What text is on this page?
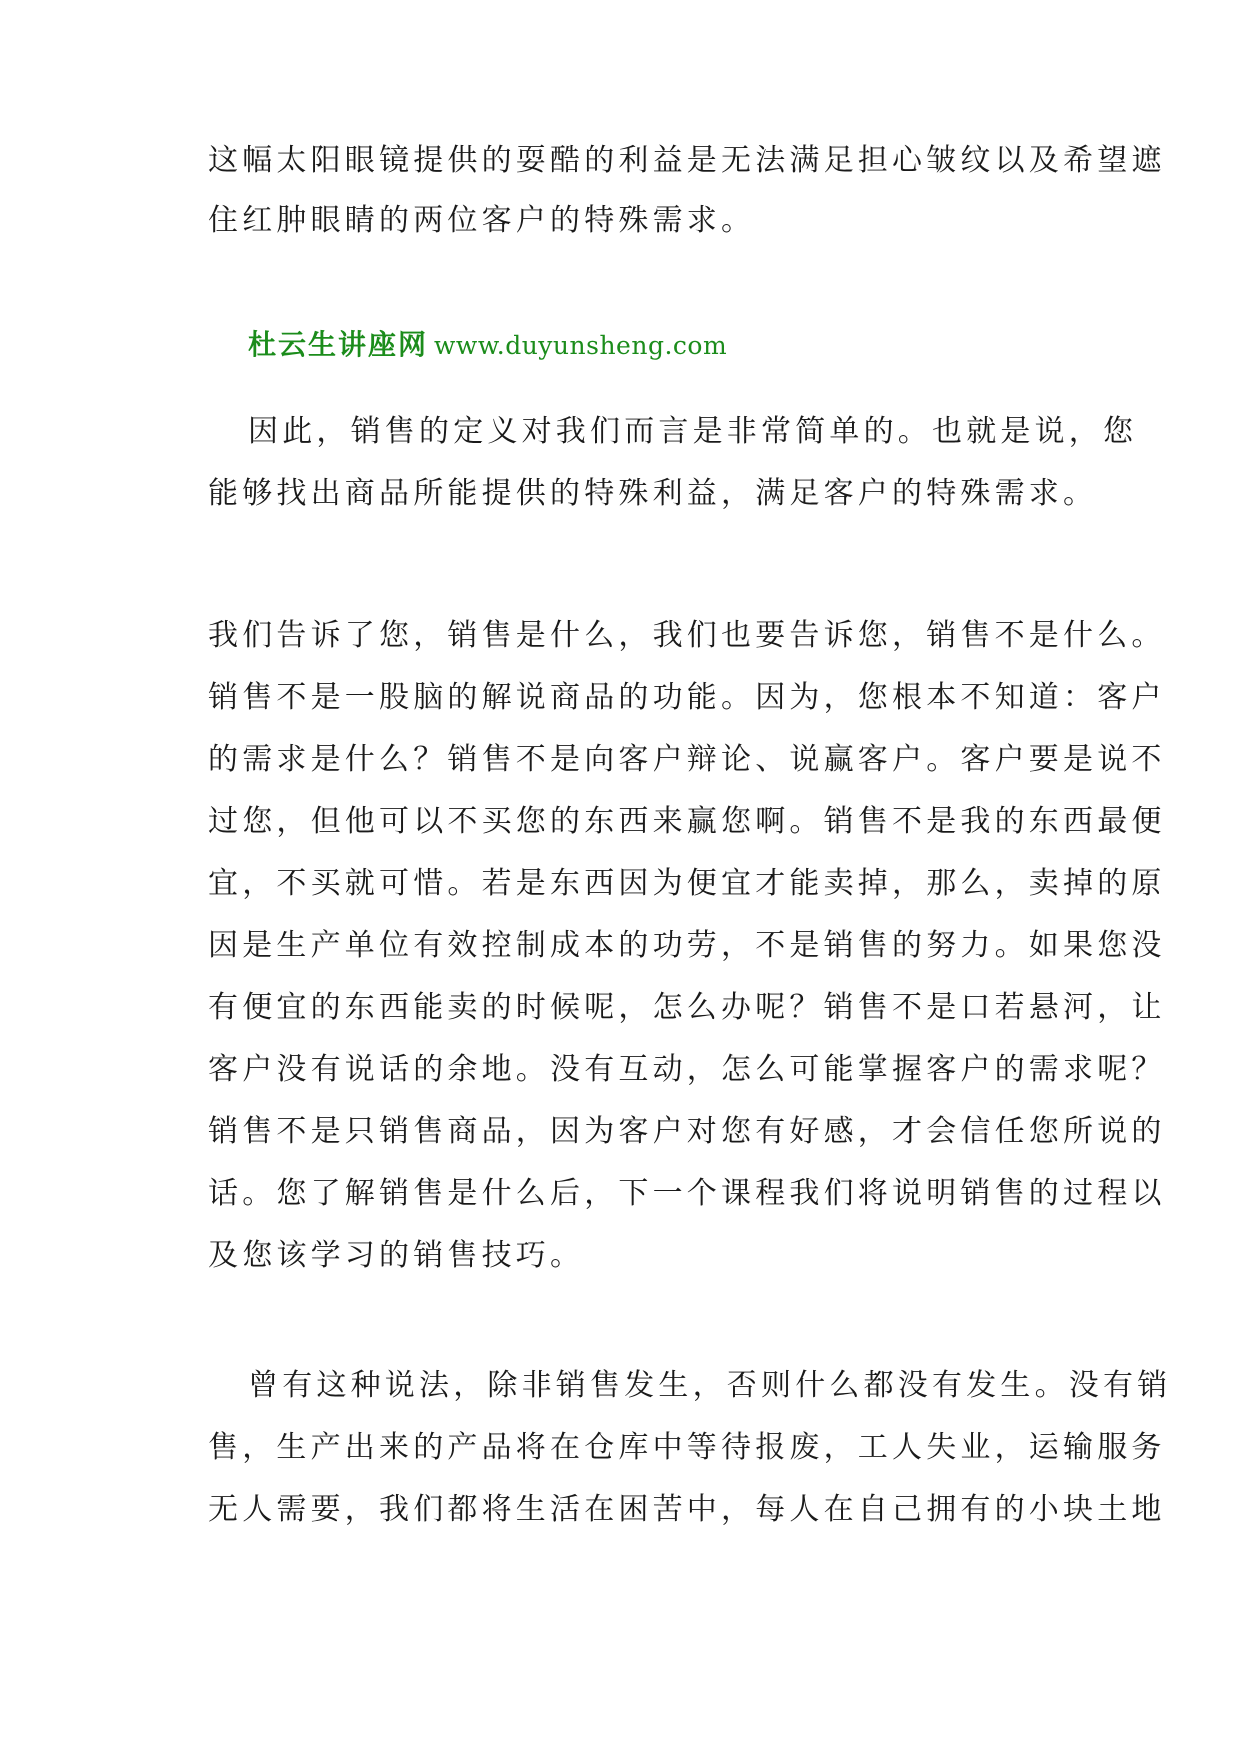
这幅太阳眼镜提供的耍酷的利益是无法满足担心皱纹以及希望遮
住红肿眼睛的两位客户的特殊需求。
杜云生讲座网 www.duyunsheng.com
因此，销售的定义对我们而言是非常简单的。也就是说，您
能够找出商品所能提供的特殊利益，满足客户的特殊需求。
我们告诉了您，销售是什么，我们也要告诉您，销售不是什么。
销售不是一股脑的解说商品的功能。因为，您根本不知道：客户
的需求是什么？销售不是向客户辩论、说赢客户。客户要是说不
过您，但他可以不买您的东西来赢您啊。销售不是我的东西最便
宜，不买就可惜。若是东西因为便宜才能卖掉，那么，卖掉的原
因是生产单位有效控制成本的功劳，不是销售的努力。如果您没
有便宜的东西能卖的时候呢，怎么办呢？销售不是口若悬河，让
客户没有说话的余地。没有互动，怎么可能掌握客户的需求呢？
销售不是只销售商品，因为客户对您有好感，才会信任您所说的
话。您了解销售是什么后，下一个课程我们将说明销售的过程以
及您该学习的销售技巧。
曾有这种说法，除非销售发生，否则什么都没有发生。没有销
售，生产出来的产品将在仓库中等待报废，工人失业，运输服务
无人需要，我们都将生活在困苦中，每人在自己拥有的小块土地
